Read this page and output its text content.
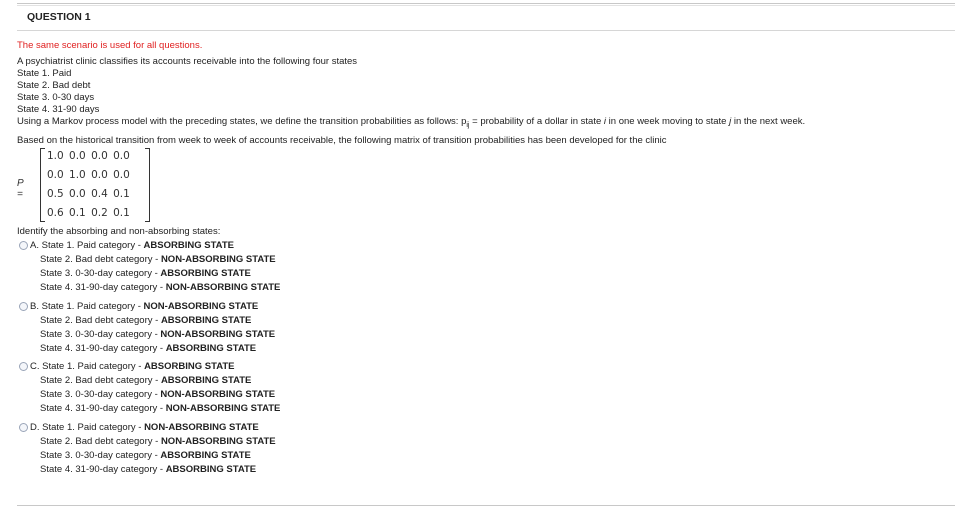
QUESTION 1
The same scenario is used for all questions.
A psychiatrist clinic classifies its accounts receivable into the following four states
State 1. Paid
State 2. Bad debt
State 3. 0-30 days
State 4. 31-90 days
Using a Markov process model with the preceding states, we define the transition probabilities as follows: $p_{ij}$ = probability of a dollar in state i in one week moving to state j in the next week.
Based on the historical transition from week to week of accounts receivable, the following matrix of transition probabilities has been developed for the clinic
P =
1.0 0.0 0.0 0.0
0.0 1.0 0.0 0.0
0.5 0.0 0.4 0.1
0.6 0.1 0.2 0.1
Identify the absorbing and non-absorbing states:
A. State 1. Paid category - ABSORBING STATE
State 2. Bad debt category - NON-ABSORBING STATE
State 3. 0-30-day category - ABSORBING STATE
State 4. 31-90-day category - NON-ABSORBING STATE
B. State 1. Paid category - NON-ABSORBING STATE
State 2. Bad debt category - ABSORBING STATE
State 3. 0-30-day category - NON-ABSORBING STATE
State 4. 31-90-day category - ABSORBING STATE
C. State 1. Paid category - ABSORBING STATE
State 2. Bad debt category - ABSORBING STATE
State 3. 0-30-day category - NON-ABSORBING STATE
State 4. 31-90-day category - NON-ABSORBING STATE
D. State 1. Paid category - NON-ABSORBING STATE
State 2. Bad debt category - NON-ABSORBING STATE
State 3. 0-30-day category - ABSORBING STATE
State 4. 31-90-day category - ABSORBING STATE
